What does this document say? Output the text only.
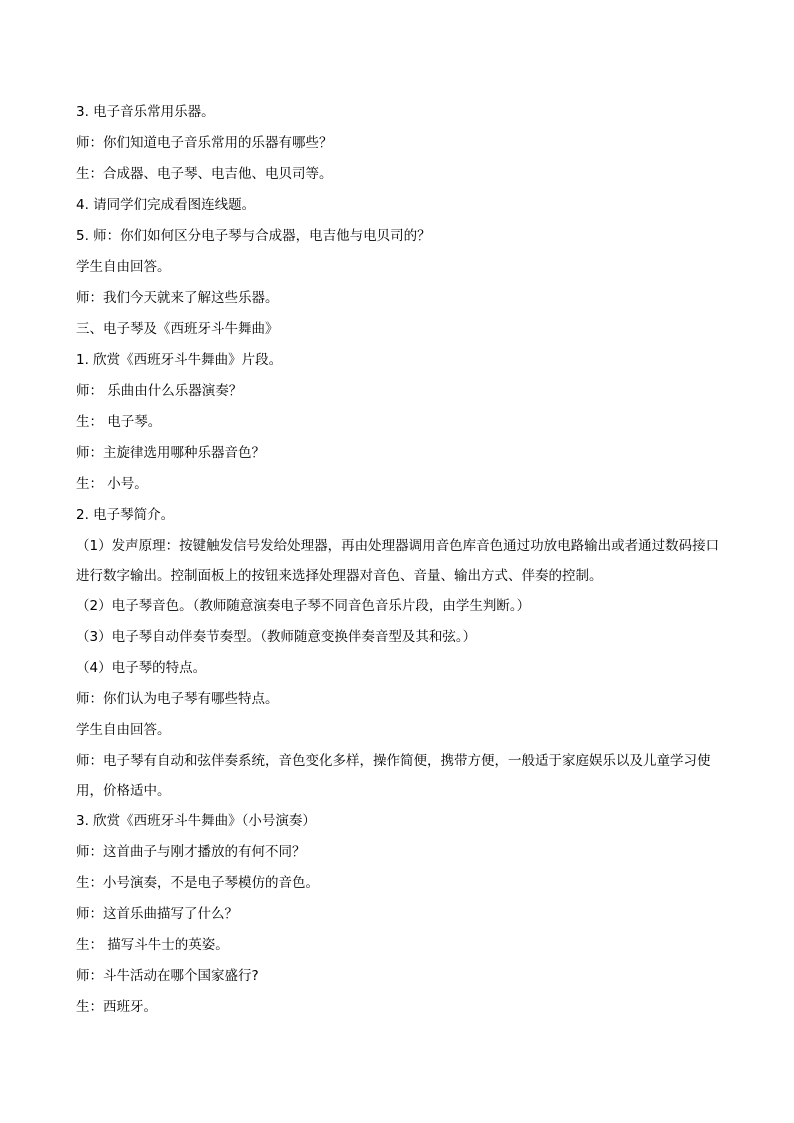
3. 电子音乐常用乐器。

师：你们知道电子音乐常用的乐器有哪些？

生：合成器、电子琴、电吉他、电贝司等。

4. 请同学们完成看图连线题。

5. 师：你们如何区分电子琴与合成器，电吉他与电贝司的？

学生自由回答。

师：我们今天就来了解这些乐器。

三、电子琴及《西班牙斗牛舞曲》

1. 欣赏《西班牙斗牛舞曲》片段。

师： 乐曲由什么乐器演奏？

生： 电子琴。

师：主旋律选用哪种乐器音色？

生： 小号。

2. 电子琴简介。

（1）发声原理：按键触发信号发给处理器，再由处理器调用音色库音色通过功放电路输出或者通过数码接口进行数字输出。控制面板上的按钮来选择处理器对音色、音量、输出方式、伴奏的控制。

（2）电子琴音色。（教师随意演奏电子琴不同音色音乐片段，由学生判断。）

（3）电子琴自动伴奏节奏型。（教师随意变换伴奏音型及其和弦。）

（4）电子琴的特点。

师：你们认为电子琴有哪些特点。

学生自由回答。

师：电子琴有自动和弦伴奏系统，音色变化多样，操作简便，携带方便，一般适于家庭娱乐以及儿童学习使用，价格适中。

3. 欣赏《西班牙斗牛舞曲》（小号演奏）

师：这首曲子与刚才播放的有何不同？

生：小号演奏，不是电子琴模仿的音色。

师：这首乐曲描写了什么？

生： 描写斗牛士的英姿。

师：斗牛活动在哪个国家盛行?

生：西班牙。
